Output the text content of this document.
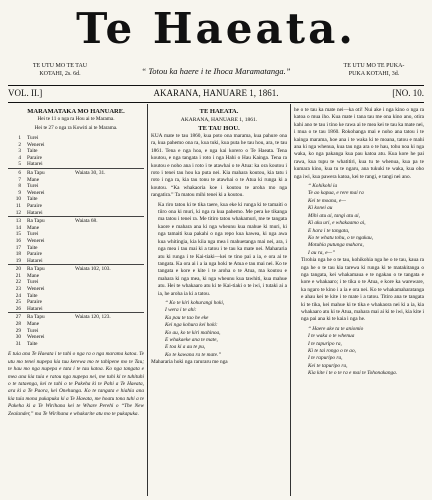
Te Haeata.
TE UTU MO TE TAU
KOTAHI, 2s. 6d.	“ Totou ka haere i te Ihoca Maramatanga.”	TE UTU MO TE PUKA-
PUKA KOTAHI, 3d.
VOL. II.]	AKARANA, HANUARE 1, 1861.	[NO. 10.
MARAMATAKA MO HANUARE.
Hei te 11 o nga ra Hou ai te Marama.
Hei te 27 o nga ra Kowiti ai te Marama.
1	Turei	
2	Wenerei	
3	Taite	
4	Paraire	
5	Hatarei	
6	Ra Tapu	Waiata 30, 31.
7	Mane	
8	Turei	
9	Wenerei	
10	Taite	
11	Paraire	
12	Hatarei	
13	Ra Tapu	Waiata 68.
14	Mane	
15	Turei	
16	Wenerei	
17	Taite	
18	Paraire	
19	Hatarei	
20	Ra Tapu	Waiata 102, 103.
21	Mane	
22	Turei	
23	Wenerei	
24	Taite	
25	Paraire	
26	Hatarei	
27	Ra Tapu	Waiata 120, 123.
28	Mane	
29	Turei	
30	Wenerei	
31	Taite	
E tuia ana Te Haeata i te tahi o nga ra o nga marama katoa. Te utu mo tenei nupepa kia tuu kerewa mo te tahipene mo te Tau; te hau mo nga nupepa e tata i te tau katoa. Ko nga tangata e mea ana kia tuia e ratou nga nupepa nei, me tuhi ki te tuhituhi o te tataenga, kei te tahi o te Pakeha ki te Pahi a Te Haeata, ara ki a Te Paora, kei Onehunga. Ko te tangata e hiahia ana kia tuia mona pukapuka ki a Te Haeata, me hoatu tona tuhi a te Pakeha ki a Te Wirihana kei te Whare Perehi o “The New Zealander,” ma Te Wirihana e whakarite atu mo te pukapuka.
TE HAEATA.
AKARANA, HANUARE 1, 1861.
TE TAU HOU.
KUA mate te tau 1860, kua poto ona marama, kua pahure ona ra, kua pahemo ona ra, kua tuki, kua puta he tau hou, ara, te tau 1861. Tena e nga hoa, e nga kai korero o Te Haeata. Tena koutou, e nga tangata i roto i nga Hahi o Hau Kainga. Tena ra koutou e noho ana i roto i te atawhai o te Atua: ka ora koutou i roto i tenei tau hou ka puta nei. Kia mahara koutou, kia tatu i roto i nga ra, kia tau tonu te atawhai o te Atua ki runga ki a koutou. “Ka whakaoria koe i koutou te aroha mo nga rangatira.” Ta matou mihi tenei ki a koutou.
Ka riro tatou ki te tika taere, kua eke ki runga ki te tamaiti o tiiro ona ki muri, ki nga ra kua pahemo. Me pera ke tikanga ma tatou i tenei ra. Me titiro tatou whakamuri, me te tangata kaore e mahara ana ki nga wheunu kua mahue ki muri, ki nga tamaiti kua pakahi o nga repo kua kawea, ki nga awa kua whitingia, kia kiia nga mea i mahuetanga mai nei, ara, i nga mea i tau mai ki a tatou i te tau ka mate nei. Mahararia atu ki runga i te Kai-tiaki—kei te tino pai a ia, e ora ai te tangata. Ka ora ai i a ia nga hoki te Atua e tau mai nei. Ko te tangata e kore e kite i te aroha o te Atua, ma koutou e mahara ki nga mea, ki nga wheunu kua tawhiti, kua mahue atu. Hei te whakaaro atu ki te Kai-tiaki o te iwi, i tutaki ai a ia, he aroha ia ki a tatou.
“ Ko te kiri kohurangi hoki,
I wera i te ahi:
Ka pau te tao he eke
Kei nga kohura kei hoki:
Ko au, ko te kiri mahinoa,
E whakaeke ana te mate,
E toa ki a au te pu,
Ko te kawana ra te mate.”
Mahararia hoki nga raruraru me nga
he o te tau ka mate nei—ka oti! Nui ake i nga kino o nga ra katoa o mua iho. Kua mate i tana tau me ona kino ano, otira kahi ano te tau i tino ke rawa ai te mea kei te tau ka mate nei, i mua o te tau 1860. Rokohanga mai e noho ana tatou i te kainga marama, hoe ana i te waka ki te moana, tatou e mahi ana ki nga whenua, kua tau nga ara o te hau, tohu noa ki nga waka, ko nga pakanga kua pau katoa atu. Kua kore he pai rawa, kua tupu te whatitiri, kua tu te whenua, kua pa te kumara kino, kua tu te ngaru, ana tukuki te waka, kua oho nga iwi, kua pawera katoa, kei te rangi, e tangi nei ano.
“ Kohikohi ia
Te ao kapua, e rere mai ra
Kei te moana, e—
Ki konei au
Mihi atu ai, tangi atu ai,
Ki aku uri, e whakaamo ai,
E hara i te tangata,
Ko te whatu tohu, o te ngakau,
Motuhia putunga mahara,
I au ra, e—”
Tirohia nga he o te tau, kohikohia nga he o te tau, kaua ra nga he o te tau kia tarewa ki runga ki te matakitanga o nga tangata, kei whakamaua e te ngakau o te tangata e kore e whakaaro; i te tika o te Atua, e kore ka wareware, ka ngaro te kino i a ia e ora nei. Ko te whakamaharatanga e ahau kei te kite i te mate i a tatou. Titiro ana te tangata ki te tika, kei mahue ki te tika e whakaora nei ki a ia, kia whakaaro atu ki te Atua, mahara mai ai ki te iwi, kia kite i nga pai ana ki te kaia i nga he.
“ Haere ake ta te aniomio
I te waka o te whenua
I te tapuripo ra,
Ki te tai rongo o te ao,
I te rapuripo ra,
Kei te tapuripo ra,
Kia kite i te o te ra e mai te Tohonakanga.
